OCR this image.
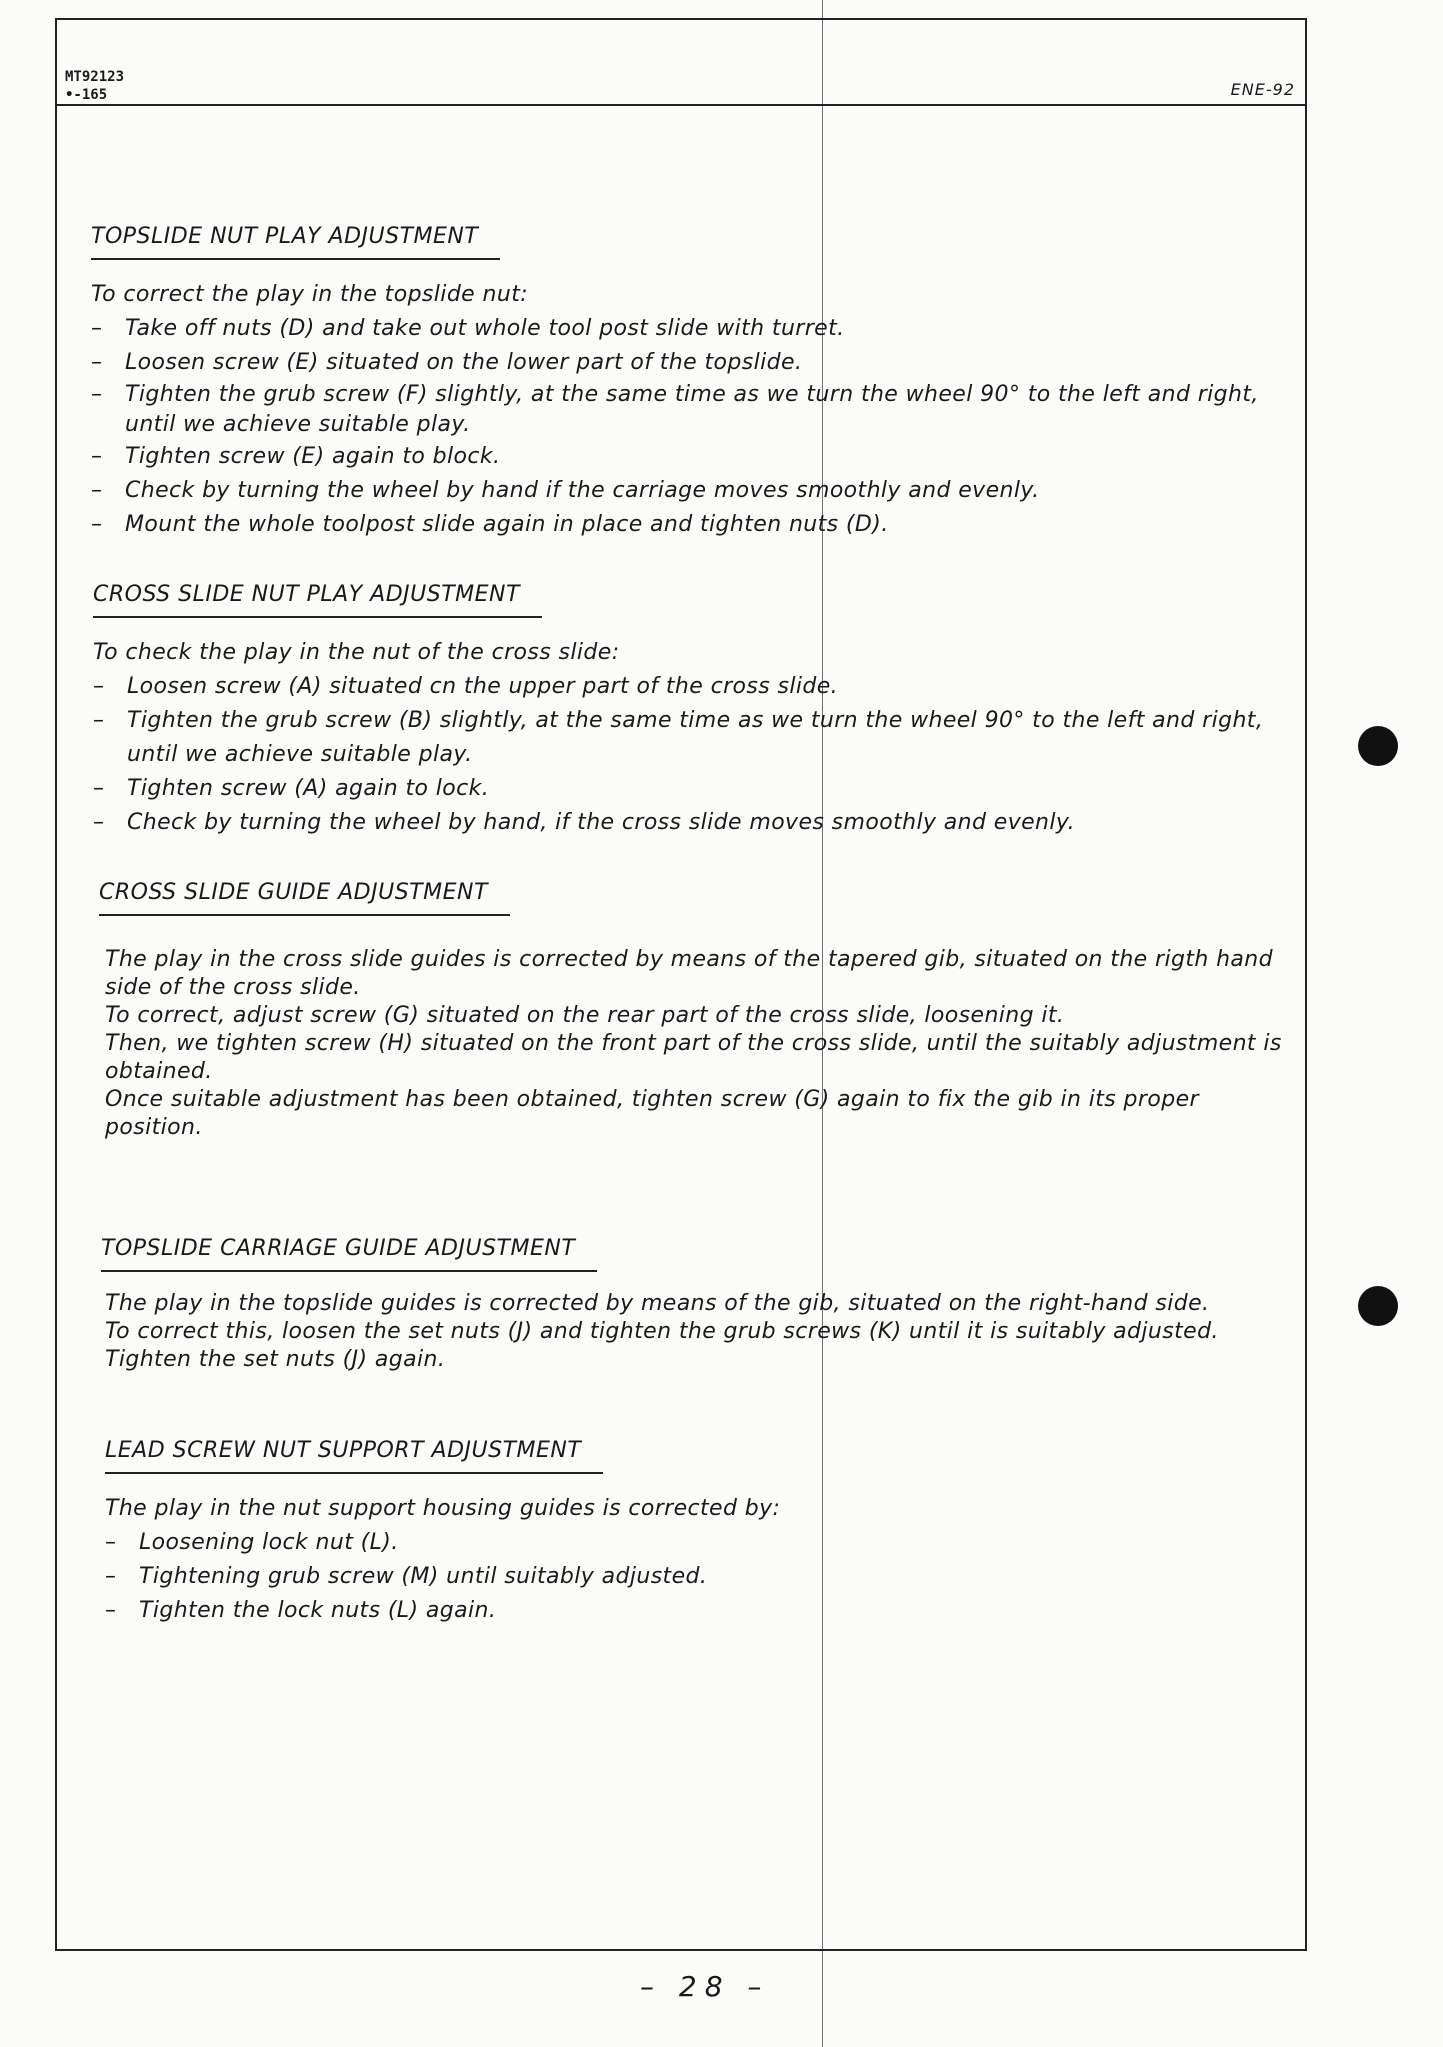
MT92123
•-165	ENE-92
TOPSLIDE NUT PLAY ADJUSTMENT

To correct the play in the topslide nut:

– Take off nuts (D) and take out whole tool post slide with turret.
– Loosen screw (E) situated on the lower part of the topslide.
– Tighten the grub screw (F) slightly, at the same time as we turn the wheel 90° to the left and right, until we achieve suitable play.
– Tighten screw (E) again to block.
– Check by turning the wheel by hand if the carriage moves smoothly and evenly.
– Mount the whole toolpost slide again in place and tighten nuts (D).
CROSS SLIDE NUT PLAY ADJUSTMENT

To check the play in the nut of the cross slide:

– Loosen screw (A) situated cn the upper part of the cross slide.
– Tighten the grub screw (B) slightly, at the same time as we turn the wheel 90° to the left and right, until we achieve suitable play.
– Tighten screw (A) again to lock.
– Check by turning the wheel by hand, if the cross slide moves smoothly and evenly.
CROSS SLIDE GUIDE ADJUSTMENT

The play in the cross slide guides is corrected by means of the tapered gib, situated on the rigth hand side of the cross slide.

To correct, adjust screw (G) situated on the rear part of the cross slide, loosening it.

Then, we tighten screw (H) situated on the front part of the cross slide, until the suitably adjustment is obtained.

Once suitable adjustment has been obtained, tighten screw (G) again to fix the gib in its proper position.

TOPSLIDE CARRIAGE GUIDE ADJUSTMENT

The play in the topslide guides is corrected by means of the gib, situated on the right-hand side.

To correct this, loosen the set nuts (J) and tighten the grub screws (K) until it is suitably adjusted. Tighten the set nuts (J) again.

LEAD SCREW NUT SUPPORT ADJUSTMENT

The play in the nut support housing guides is corrected by:

– Loosening lock nut (L).
– Tightening grub screw (M) until suitably adjusted.
– Tighten the lock nuts (L) again.
– 28 –
